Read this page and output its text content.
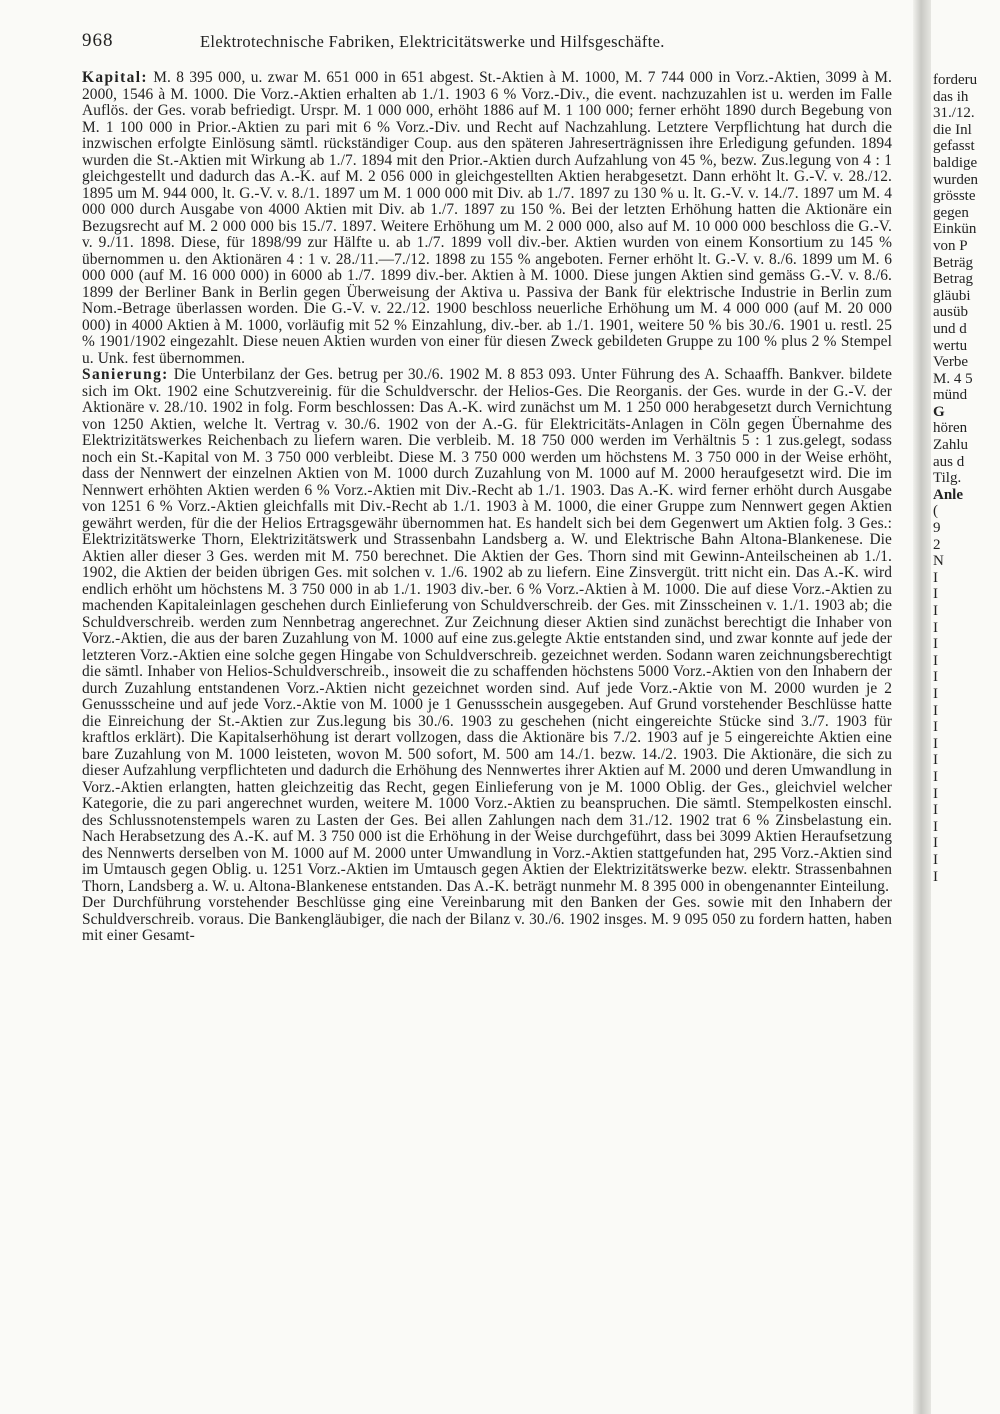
968	Elektrotechnische Fabriken, Elektricitätswerke und Hilfsgeschäfte.

Kapital: M. 8 395 000, u. zwar M. 651 000 in 651 abgest. St.-Aktien à M. 1000, M. 7 744 000 in Vorz.-Aktien, 3099 à M. 2000, 1546 à M. 1000. Die Vorz.-Aktien erhalten ab 1./1. 1903 6 % Vorz.-Div., die event. nachzuzahlen ist u. werden im Falle Auflös. der Ges. vorab befriedigt. Urspr. M. 1 000 000, erhöht 1886 auf M. 1 100 000; ferner erhöht 1890 durch Begebung von M. 1 100 000 in Prior.-Aktien zu pari mit 6 % Vorz.-Div. und Recht auf Nachzahlung. Letztere Verpflichtung hat durch die inzwischen erfolgte Einlösung sämtl. rückständiger Coup. aus den späteren Jahreserträgnissen ihre Erledigung gefunden. 1894 wurden die St.-Aktien mit Wirkung ab 1./7. 1894 mit den Prior.-Aktien durch Aufzahlung von 45 %, bezw. Zus.legung von 4 : 1 gleichgestellt und dadurch das A.-K. auf M. 2 056 000 in gleichgestellten Aktien herabgesetzt. Dann erhöht lt. G.-V. v. 28./12. 1895 um M. 944 000, lt. G.-V. v. 8./1. 1897 um M. 1 000 000 mit Div. ab 1./7. 1897 zu 130 % u. lt. G.-V. v. 14./7. 1897 um M. 4 000 000 durch Ausgabe von 4000 Aktien mit Div. ab 1./7. 1897 zu 150 %. Bei der letzten Erhöhung hatten die Aktionäre ein Bezugsrecht auf M. 2 000 000 bis 15./7. 1897. Weitere Erhöhung um M. 2 000 000, also auf M. 10 000 000 beschloss die G.-V. v. 9./11. 1898. Diese, für 1898/99 zur Hälfte u. ab 1./7. 1899 voll div.-ber. Aktien wurden von einem Konsortium zu 145 % übernommen u. den Aktionären 4 : 1 v. 28./11.—7./12. 1898 zu 155 % angeboten. Ferner erhöht lt. G.-V. v. 8./6. 1899 um M. 6 000 000 (auf M. 16 000 000) in 6000 ab 1./7. 1899 div.-ber. Aktien à M. 1000. Diese jungen Aktien sind gemäss G.-V. v. 8./6. 1899 der Berliner Bank in Berlin gegen Überweisung der Aktiva u. Passiva der Bank für elektrische Industrie in Berlin zum Nom.-Betrage überlassen worden. Die G.-V. v. 22./12. 1900 beschloss neuerliche Erhöhung um M. 4 000 000 (auf M. 20 000 000) in 4000 Aktien à M. 1000, vorläufig mit 52 % Einzahlung, div.-ber. ab 1./1. 1901, weitere 50 % bis 30./6. 1901 u. restl. 25 % 1901/1902 eingezahlt. Diese neuen Aktien wurden von einer für diesen Zweck gebildeten Gruppe zu 100 % plus 2 % Stempel u. Unk. fest übernommen.

Sanierung: Die Unterbilanz der Ges. betrug per 30./6. 1902 M. 8 853 093. Unter Führung des A. Schaaffh. Bankver. bildete sich im Okt. 1902 eine Schutzvereinig. für die Schuldverschr. der Helios-Ges. Die Reorganis. der Ges. wurde in der G.-V. der Aktionäre v. 28./10. 1902 in folg. Form beschlossen: Das A.-K. wird zunächst um M. 1 250 000 herabgesetzt durch Vernichtung von 1250 Aktien, welche lt. Vertrag v. 30./6. 1902 von der A.-G. für Elektricitäts-Anlagen in Cöln gegen Übernahme des Elektrizitätswerkes Reichenbach zu liefern waren. Die verbleib. M. 18 750 000 werden im Verhältnis 5 : 1 zus.gelegt, sodass noch ein St.-Kapital von M. 3 750 000 verbleibt. Diese M. 3 750 000 werden um höchstens M. 3 750 000 in der Weise erhöht, dass der Nennwert der einzelnen Aktien von M. 1000 durch Zuzahlung von M. 1000 auf M. 2000 heraufgesetzt wird. Die im Nennwert erhöhten Aktien werden 6 % Vorz.-Aktien mit Div.-Recht ab 1./1. 1903. Das A.-K. wird ferner erhöht durch Ausgabe von 1251 6 % Vorz.-Aktien gleichfalls mit Div.-Recht ab 1./1. 1903 à M. 1000, die einer Gruppe zum Nennwert gegen Aktien gewährt werden, für die der Helios Ertragsgewähr übernommen hat. Es handelt sich bei dem Gegenwert um Aktien folg. 3 Ges.: Elektrizitätswerke Thorn, Elektrizitätswerk und Strassenbahn Landsberg a. W. und Elektrische Bahn Altona-Blankenese. Die Aktien aller dieser 3 Ges. werden mit M. 750 berechnet. Die Aktien der Ges. Thorn sind mit Gewinn-Anteilscheinen ab 1./1. 1902, die Aktien der beiden übrigen Ges. mit solchen v. 1./6. 1902 ab zu liefern. Eine Zinsvergüt. tritt nicht ein. Das A.-K. wird endlich erhöht um höchstens M. 3 750 000 in ab 1./1. 1903 div.-ber. 6 % Vorz.-Aktien à M. 1000. Die auf diese Vorz.-Aktien zu machenden Kapitaleinlagen geschehen durch Einlieferung von Schuldverschreib. der Ges. mit Zinsscheinen v. 1./1. 1903 ab; die Schuldverschreib. werden zum Nennbetrag angerechnet. Zur Zeichnung dieser Aktien sind zunächst berechtigt die Inhaber von Vorz.-Aktien, die aus der baren Zuzahlung von M. 1000 auf eine zus.gelegte Aktie entstanden sind, und zwar konnte auf jede der letzteren Vorz.-Aktien eine solche gegen Hingabe von Schuldverschreib. gezeichnet werden. Sodann waren zeichnungsberechtigt die sämtl. Inhaber von Helios-Schuldverschreib., insoweit die zu schaffenden höchstens 5000 Vorz.-Aktien von den Inhabern der durch Zuzahlung entstandenen Vorz.-Aktien nicht gezeichnet worden sind. Auf jede Vorz.-Aktie von M. 2000 wurden je 2 Genussscheine und auf jede Vorz.-Aktie von M. 1000 je 1 Genussschein ausgegeben. Auf Grund vorstehender Beschlüsse hatte die Einreichung der St.-Aktien zur Zus.legung bis 30./6. 1903 zu geschehen (nicht eingereichte Stücke sind 3./7. 1903 für kraftlos erklärt). Die Kapitalserhöhung ist derart vollzogen, dass die Aktionäre bis 7./2. 1903 auf je 5 eingereichte Aktien eine bare Zuzahlung von M. 1000 leisteten, wovon M. 500 sofort, M. 500 am 14./1. bezw. 14./2. 1903. Die Aktionäre, die sich zu dieser Aufzahlung verpflichteten und dadurch die Erhöhung des Nennwertes ihrer Aktien auf M. 2000 und deren Umwandlung in Vorz.-Aktien erlangten, hatten gleichzeitig das Recht, gegen Einlieferung von je M. 1000 Oblig. der Ges., gleichviel welcher Kategorie, die zu pari angerechnet wurden, weitere M. 1000 Vorz.-Aktien zu beanspruchen. Die sämtl. Stempelkosten einschl. des Schlussnotenstempels waren zu Lasten der Ges. Bei allen Zahlungen nach dem 31./12. 1902 trat 6 % Zinsbelastung ein. Nach Herabsetzung des A.-K. auf M. 3 750 000 ist die Erhöhung in der Weise durchgeführt, dass bei 3099 Aktien Heraufsetzung des Nennwerts derselben von M. 1000 auf M. 2000 unter Umwandlung in Vorz.-Aktien stattgefunden hat, 295 Vorz.-Aktien sind im Umtausch gegen Oblig. u. 1251 Vorz.-Aktien im Umtausch gegen Aktien der Elektrizitätswerke bezw. elektr. Strassenbahnen Thorn, Landsberg a. W. u. Altona-Blankenese entstanden. Das A.-K. beträgt nunmehr M. 8 395 000 in obengenannter Einteilung.

Der Durchführung vorstehender Beschlüsse ging eine Vereinbarung mit den Banken der Ges. sowie mit den Inhabern der Schuldverschreib. voraus. Die Bankengläubiger, die nach der Bilanz v. 30./6. 1902 insges. M. 9 095 050 zu fordern hatten, haben mit einer Gesamt-

forderu
das ih
31./12.
die Inl
gefasst
baldige
wurden
grösste
gegen
Einkün
von P
Beträg
Betrag
gläubi
ausüb
und d
wertu
Verbe
M. 4 5
münd
G
hören
Zahlu
aus d
Tilg.
Anle
(
9
2
N
I
I
I
I
I
I
I
I
I
I
I
I
I
I
I
I
I
I
I
